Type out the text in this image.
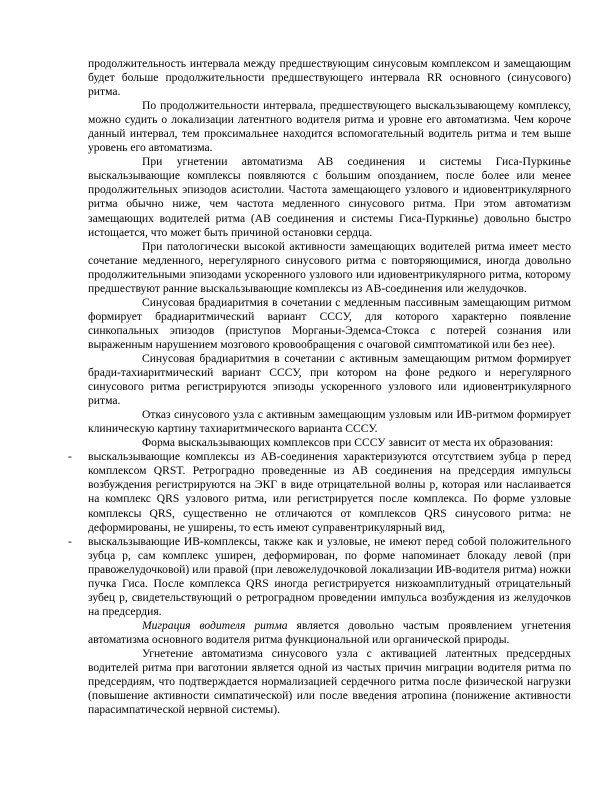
продолжительность интервала между предшествующим синусовым комплексом и замещающим будет больше продолжительности предшествующего интервала RR основного (синусового) ритма.

По продолжительности интервала, предшествующего выскальзывающему комплексу, можно судить о локализации латентного водителя ритма и уровне его автоматизма. Чем короче данный интервал, тем проксимальнее находится вспомогательный водитель ритма и тем выше уровень его автоматизма.

При угнетении автоматизма АВ соединения и системы Гиса-Пуркинье выскальзывающие комплексы появляются с большим опозданием, после более или менее продолжительных эпизодов асистолии. Частота замещающего узлового и идиовентрикулярного ритма обычно ниже, чем частота медленного синусового ритма. При этом автоматизм замещающих водителей ритма (АВ соединения и системы Гиса-Пуркинье) довольно быстро истощается, что может быть причиной остановки сердца.

При патологически высокой активности замещающих водителей ритма имеет место сочетание медленного, нерегулярного синусового ритма с повторяющимися, иногда довольно продолжительными эпизодами ускоренного узлового или идиовентрикулярного ритма, которому предшествуют ранние выскальзывающие комплексы из АВ-соединения или желудочков.

Синусовая брадиаритмия в сочетании с медленным пассивным замещающим ритмом формирует брадиаритмический вариант СССУ, для которого характерно появление синкопальных эпизодов (приступов Морганьи-Эдемса-Стокса с потерей сознания или выраженным нарушением мозгового кровообращения с очаговой симптоматикой или без нее).

Синусовая брадиаритмия в сочетании с активным замещающим ритмом формирует бради-тахиаритмический вариант СССУ, при котором на фоне редкого и нерегулярного синусового ритма регистрируются эпизоды ускоренного узлового или идиовентрикулярного ритма.

Отказ синусового узла с активным замещающим узловым или ИВ-ритмом формирует клиническую картину тахиаритмического варианта СССУ.

Форма выскальзывающих комплексов при СССУ зависит от места их образования:

- выскальзывающие комплексы из АВ-соединения характеризуются отсутствием зубца р перед комплексом QRST. Ретроградно проведенные из АВ соединения на предсердия импульсы возбуждения регистрируются на ЭКГ в виде отрицательной волны р, которая или наслаивается на комплекс QRS узлового ритма, или регистрируется после комплекса. По форме узловые комплексы QRS, существенно не отличаются от комплексов QRS синусового ритма: не деформированы, не уширены, то есть имеют суправентрикулярный вид,

- выскальзывающие ИВ-комплексы, также как и узловые, не имеют перед собой положительного зубца р, сам комплекс уширен, деформирован, по форме напоминает блокаду левой (при правожелудочковой) или правой (при левожелудочковой локализации ИВ-водителя ритма) ножки пучка Гиса. После комплекса QRS иногда регистрируется низкоамплитудный отрицательный зубец р, свидетельствующий о ретроградном проведении импульса возбуждения из желудочков на предсердия.

Миграция водителя ритма является довольно частым проявлением угнетения автоматизма основного водителя ритма функциональной или органической природы.

Угнетение автоматизма синусового узла с активацией латентных предсердных водителей ритма при ваготонии является одной из частых причин миграции водителя ритма по предсердиям, что подтверждается нормализацией сердечного ритма после физической нагрузки (повышение активности симпатической) или после введения атропина (понижение активности парасимпатической нервной системы).
